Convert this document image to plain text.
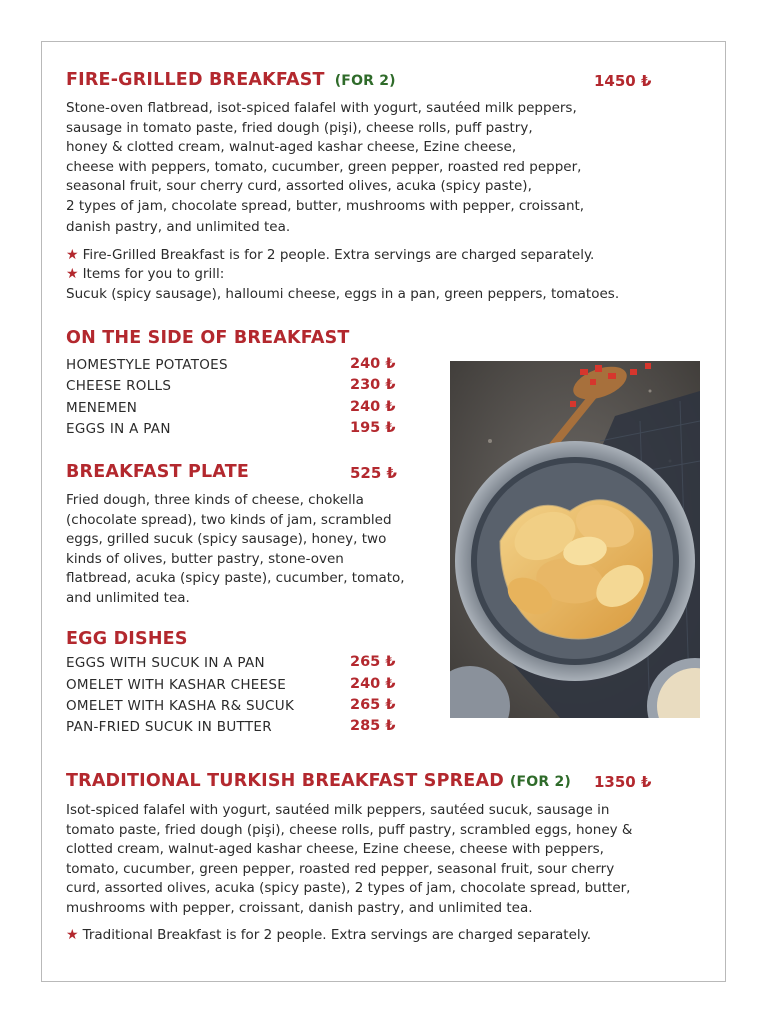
FIRE-GRILLED BREAKFAST (FOR 2)	1450 ₺
Stone-oven flatbread, isot-spiced falafel with yogurt, sautéed milk peppers,
sausage in tomato paste, fried dough (pişi), cheese rolls, puff pastry,
honey & clotted cream, walnut-aged kashar cheese, Ezine cheese,
cheese with peppers, tomato, cucumber, green pepper, roasted red pepper,
seasonal fruit, sour cherry curd, assorted olives, acuka (spicy paste),
2 types of jam, chocolate spread, butter, mushrooms with pepper, croissant,
danish pastry, and unlimited tea.
★ Fire-Grilled Breakfast is for 2 people. Extra servings are charged separately.
★ Items for you to grill:
Sucuk (spicy sausage), halloumi cheese, eggs in a pan, green peppers, tomatoes.
ON THE SIDE OF BREAKFAST
HOMESTYLE POTATOES	240 ₺
CHEESE ROLLS	230 ₺
MENEMEN	240 ₺
EGGS IN A PAN	195 ₺
BREAKFAST PLATE	525 ₺
Fried dough, three kinds of cheese, chokella
(chocolate spread), two kinds of jam, scrambled
eggs, grilled sucuk (spicy sausage), honey, two
kinds of olives, butter pastry, stone-oven
flatbread, acuka (spicy paste), cucumber, tomato,
and unlimited tea.
EGG DISHES
EGGS WITH SUCUK IN A PAN	265 ₺
OMELET WITH KASHAR CHEESE	240 ₺
OMELET WITH KASHA R& SUCUK	265 ₺
PAN-FRIED SUCUK IN BUTTER	285 ₺
TRADITIONAL TURKISH BREAKFAST SPREAD (FOR 2) 1350 ₺
Isot-spiced falafel with yogurt, sautéed milk peppers, sautéed sucuk, sausage in
tomato paste, fried dough (pişi), cheese rolls, puff pastry, scrambled eggs, honey &
clotted cream, walnut-aged kashar cheese, Ezine cheese, cheese with peppers,
tomato, cucumber, green pepper, roasted red pepper, seasonal fruit, sour cherry
curd, assorted olives, acuka (spicy paste), 2 types of jam, chocolate spread, butter,
mushrooms with pepper, croissant, danish pastry, and unlimited tea.
★ Traditional Breakfast is for 2 people. Extra servings are charged separately.
